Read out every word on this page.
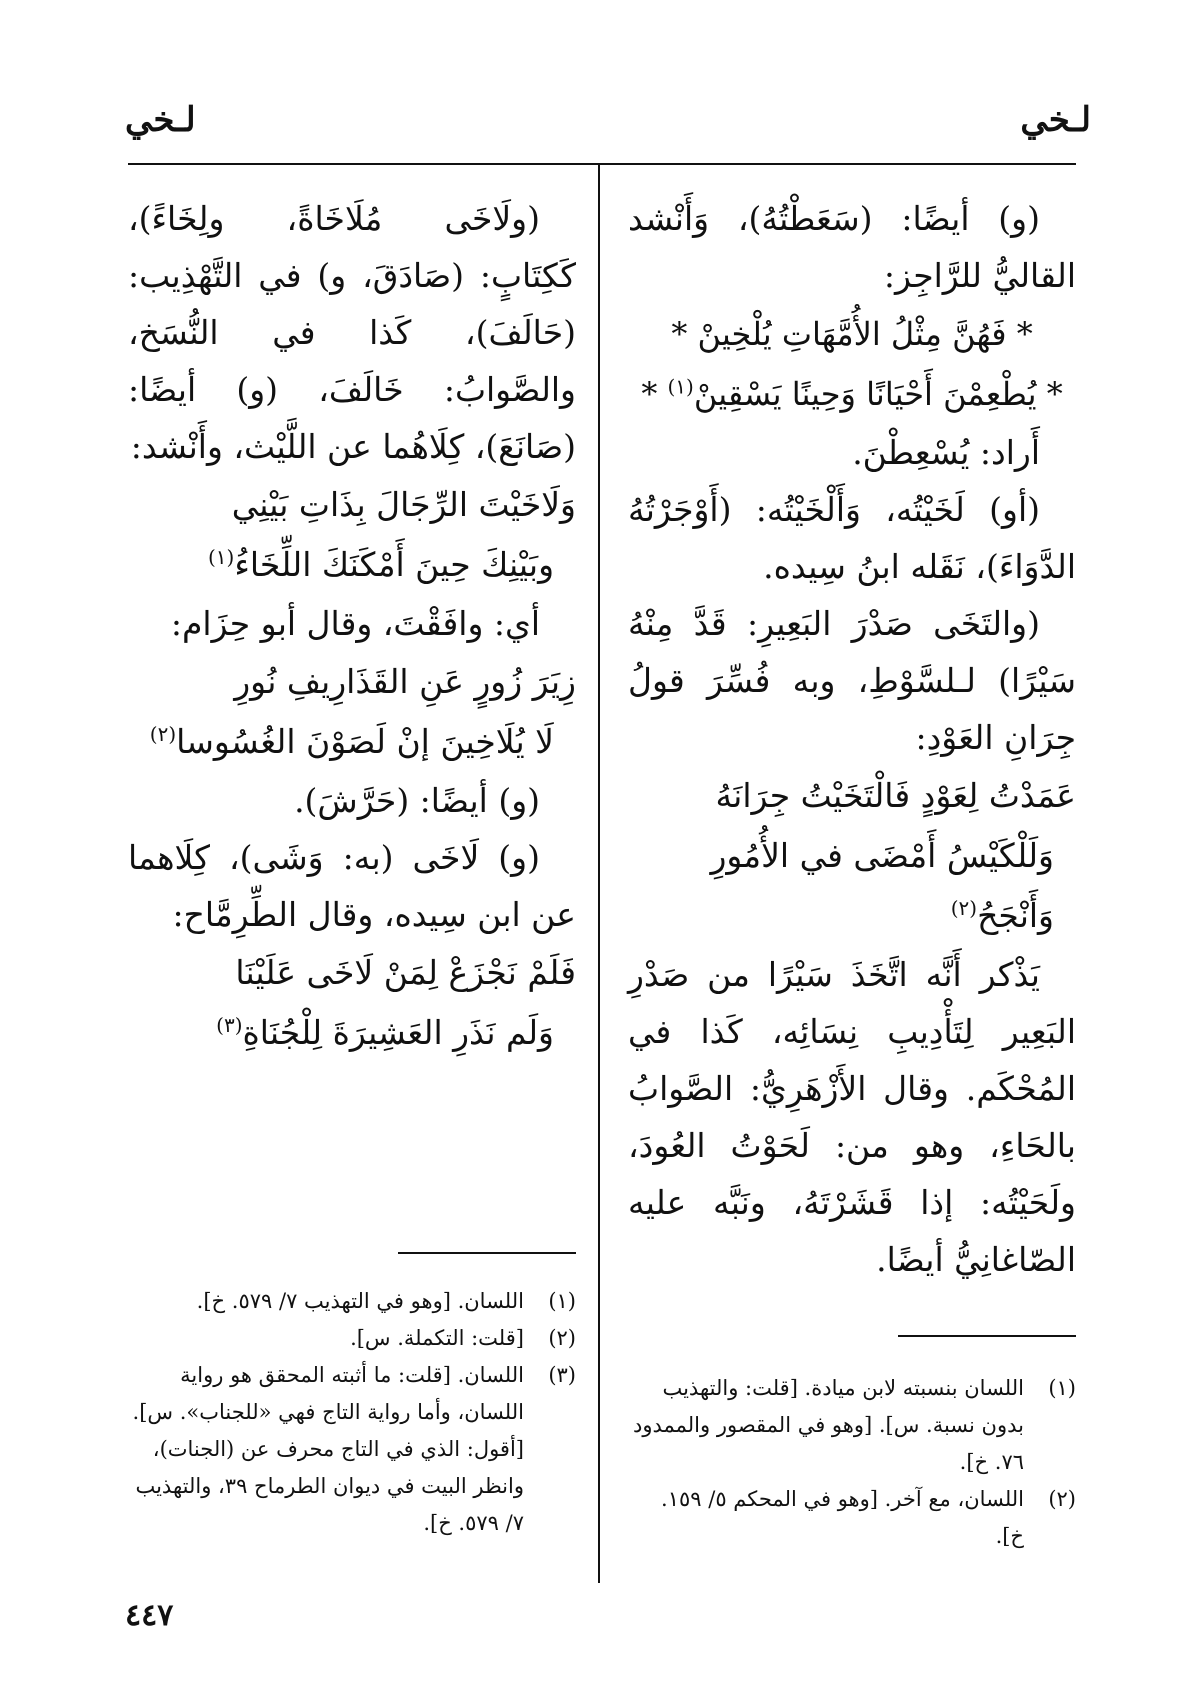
لـخي
لـخي

(و) أيضًا: (سَعَطْتُهُ)، وَأَنْشد القاليُّ للرَّاجِز:

* فَهُنَّ مِثْلُ الأُمَّهَاتِ يُلْخِينْ *

* يُطْعِمْنَ أَحْيَانًا وَحِينًا يَسْقِينْ$^{(١)}$ *

أَراد: يُسْعِطْنَ.

(أو) لَخَيْتُه، وَأَلْخَيْتُه: (أَوْجَرْتُهُ الدَّوَاءَ)، نَقَله ابنُ سِيده.

(والتَخَى صَدْرَ البَعِيرِ: قَدَّ مِنْهُ سَيْرًا) لـلسَّوْطِ، وبه فُسِّرَ قولُ جِرَانِ العَوْدِ:

عَمَدْتُ لِعَوْدٍ فَالْتَخَيْتُ جِرَانَهُ

وَلَلْكَيْسُ أَمْضَى في الأُمُورِ وَأَنْجَحُ$^{(٢)}$

يَذْكر أَنَّه اتَّخَذَ سَيْرًا من صَدْرِ البَعِير لِتَأْدِيبِ نِسَائِه، كَذا في المُحْكَم. وقال الأَزْهَرِيُّ: الصَّوابُ بالحَاءِ، وهو من: لَحَوْتُ العُودَ، ولَحَيْتُه: إذا قَشَرْتَهُ، ونَبَّه عليه الصّاغانِيُّ أيضًا.

(ولَاخَى مُلَاخَاةً، ولِخَاءً)، كَكِتَابٍ: (صَادَقَ، و) في التَّهْذِيب: (حَالَفَ)، كَذا في النُّسَخ، والصَّوابُ: خَالَفَ، (و) أيضًا: (صَانَعَ)، كِلَاهُما عن اللَّيْث، وأَنْشد:

وَلَاخَيْتَ الرِّجَالَ بِذَاتِ بَيْنِي

وبَيْنِكَ حِينَ أَمْكَنَكَ اللِّخَاءُ$^{(١)}$

أي: وافَقْتَ، وقال أبو حِزَام:

زِيَرَ زُورٍ عَنِ القَذَارِيفِ نُورِ

لَا يُلَاخِينَ إنْ لَصَوْنَ الغُسُوسا$^{(٢)}$

(و) أيضًا: (حَرَّشَ).

(و) لَاخَى (به: وَشَى)، كِلَاهما عن ابن سِيده، وقال الطِّرِمَّاح:

فَلَمْ نَجْزَعْ لِمَنْ لَاخَى عَلَيْنَا

وَلَم نَذَرِ العَشِيرَةَ لِلْجُنَاةِ$^{(٣)}$

(١)اللسان بنسبته لابن ميادة. [قلت: والتهذيب بدون نسبة. س]. [وهو في المقصور والممدود ٧٦. خ].

(٢)اللسان، مع آخر. [وهو في المحكم ٥/ ١٥٩. خ].

(١)اللسان. [وهو في التهذيب ٧/ ٥٧٩. خ].

(٢)[قلت: التكملة. س].

(٣)اللسان. [قلت: ما أثبته المحقق هو رواية اللسان، وأما رواية التاج فهي «للجناب». س]. [أقول: الذي في التاج محرف عن (الجنات)، وانظر البيت في ديوان الطرماح ٣٩، والتهذيب ٧/ ٥٧٩. خ].

٤٤٧
